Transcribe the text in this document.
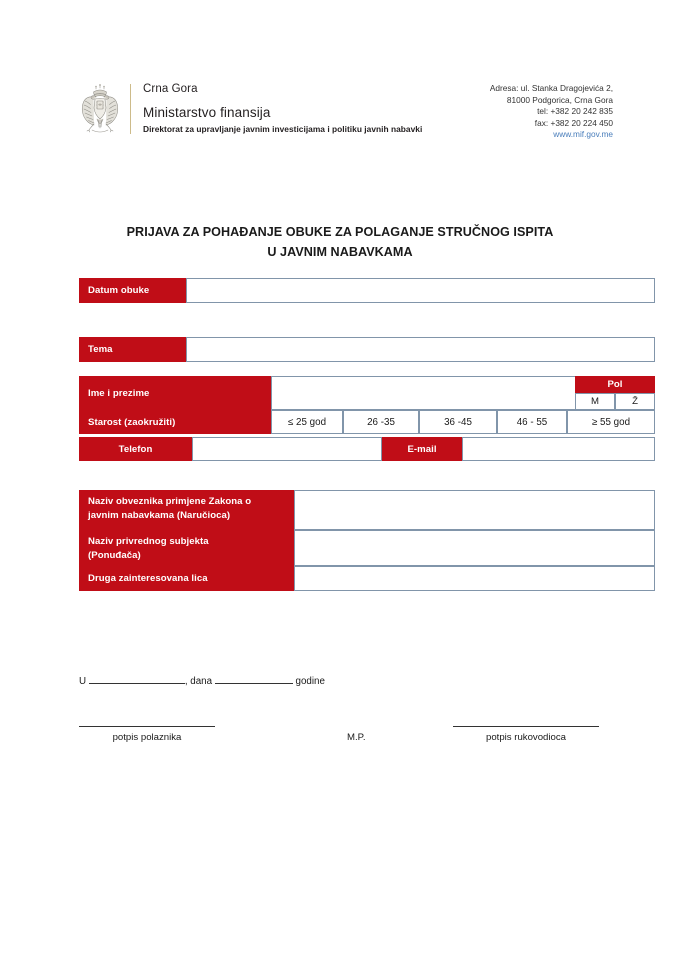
Crna Gora
Ministarstvo finansija
Direktorat za upravljanje javnim investicijama i politiku javnih nabavki
Adresa: ul. Stanka Dragojevića 2,
81000 Podgorica, Crna Gora
tel: +382 20 242 835
fax: +382 20 224 450
www.mif.gov.me
PRIJAVA ZA POHAĐANJE OBUKE ZA POLAGANJE STRUČNOG ISPITA
U JAVNIM NABAVKAMA
Datum obuke
Tema
Ime i prezime
Pol
M	Ž
Starost (zaokružiti)	≤ 25 god	26 -35	36 -45	46 - 55	≥ 55 god
Telefon	E-mail
Naziv obveznika primjene Zakona o
javnim nabavkama (Naručioca)
Naziv privrednog subjekta
(Ponuđača)
Druga zainteresovana lica
U	, dana	godine
potpis polaznika	M.P.	potpis rukovodioca
